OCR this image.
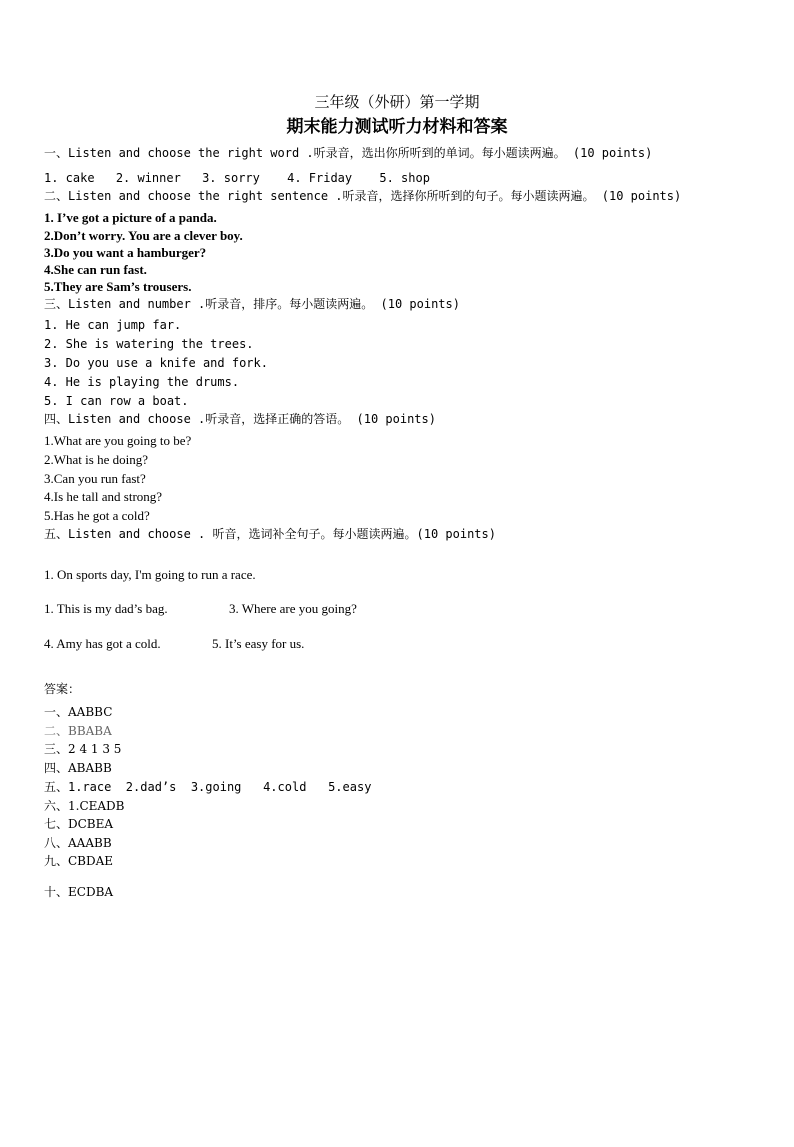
三年级（外研）第一学期
期末能力测试听力材料和答案
一、Listen and choose the right word .听录音，选出你所听到的单词。每小题读两遍。 (10 points)
1. cake 2. winner 3. sorry 4. Friday 5. shop
二、Listen and choose the right sentence .听录音，选择你所听到的句子。每小题读两遍。 (10 points)
1. I’ve got a picture of a panda.
2.Don’t worry. You are a clever boy.
3.Do you want a hamburger?
4.She can run fast.
5.They are Sam’s trousers.
三、Listen and number .听录音，排序。每小题读两遍。 (10 points)
1. He can jump far.
2. She is watering the trees.
3. Do you use a knife and fork.
4. He is playing the drums.
5. I can row a boat.
四、Listen and choose .听录音，选择正确的答语。 (10 points)
1.What are you going to be?
2.What is he doing?
3.Can you run fast?
4.Is he tall and strong?
5.Has he got a cold?
五、Listen and choose . 听音，选词补全句子。每小题读两遍。(10 points)
1. On sports day, I'm going to run a race.
1. This is my dad’s bag.	3. Where are you going?
4. Amy has got a cold.	5. It’s easy for us.
答案：
一、AABBC
二、BBABA
三、2 4 1 3 5
四、ABABB
五、1.race  2.dad’s  3.going   4.cold   5.easy
六、1.CEADB
七、DCBEA
八、AAABB
九、CBDAE
十、ECDBA
